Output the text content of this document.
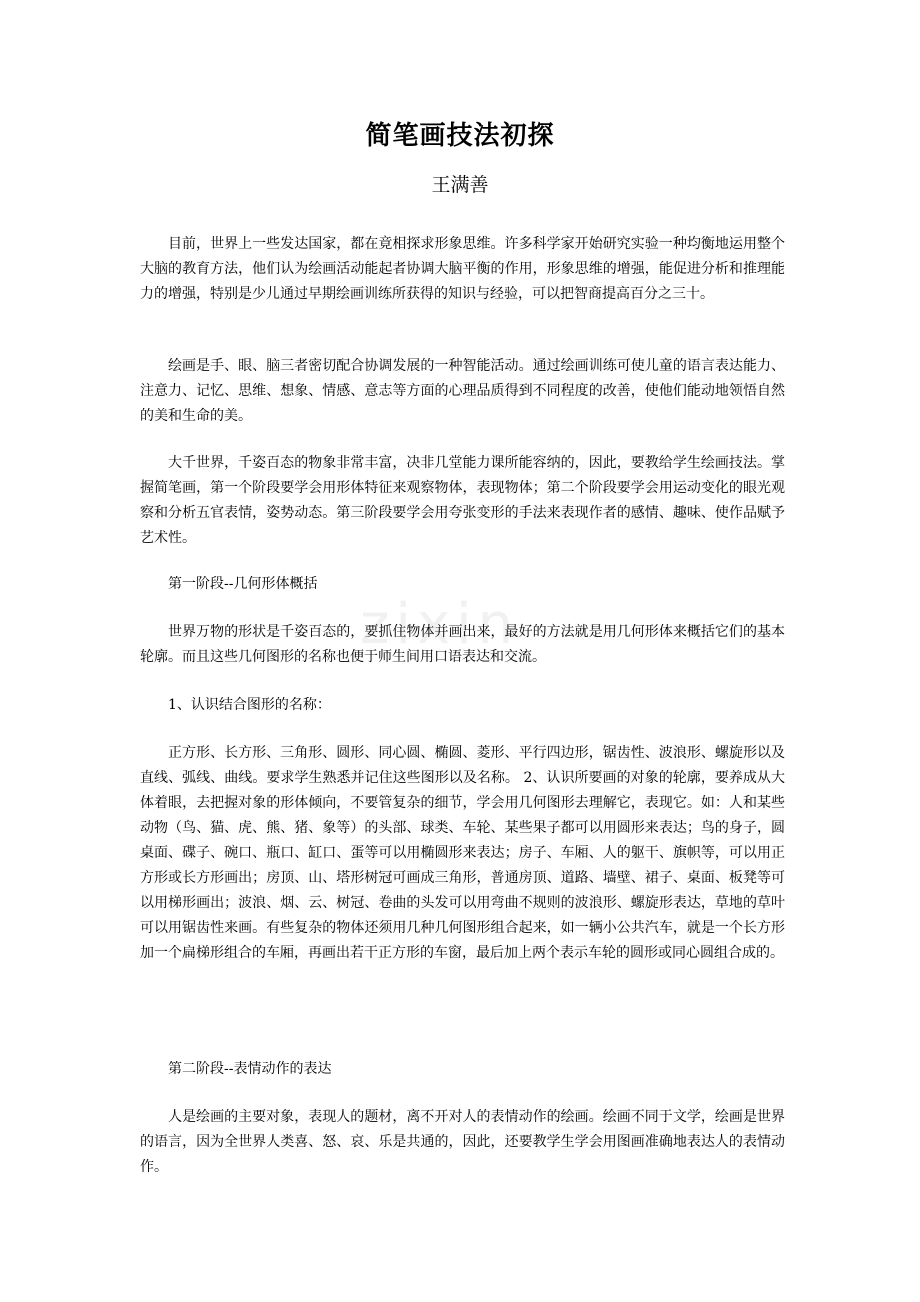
zixin
简笔画技法初探
王满善

目前，世界上一些发达国家，都在竟相探求形象思维。许多科学家开始研究实验一种均衡地运用整个大脑的教育方法，他们认为绘画活动能起者协调大脑平衡的作用，形象思维的增强，能促进分析和推理能力的增强，特别是少儿通过早期绘画训练所获得的知识与经验，可以把智商提高百分之三十。

绘画是手、眼、脑三者密切配合协调发展的一种智能活动。通过绘画训练可使儿童的语言表达能力、注意力、记忆、思维、想象、情感、意志等方面的心理品质得到不同程度的改善，使他们能动地领悟自然的美和生命的美。

大千世界，千姿百态的物象非常丰富，决非几堂能力课所能容纳的，因此，要教给学生绘画技法。掌握简笔画，第一个阶段要学会用形体特征来观察物体，表现物体；第二个阶段要学会用运动变化的眼光观察和分析五官表情，姿势动态。第三阶段要学会用夸张变形的手法来表现作者的感情、趣味、使作品赋予艺术性。

第一阶段--几何形体概括

世界万物的形状是千姿百态的，要抓住物体并画出来，最好的方法就是用几何形体来概括它们的基本轮廓。而且这些几何图形的名称也便于师生间用口语表达和交流。

1、认识结合图形的名称：

正方形、长方形、三角形、圆形、同心圆、椭圆、菱形、平行四边形，锯齿性、波浪形、螺旋形以及直线、弧线、曲线。要求学生熟悉并记住这些图形以及名称。 2、认识所要画的对象的轮廓，要养成从大体着眼，去把握对象的形体倾向，不要管复杂的细节，学会用几何图形去理解它，表现它。如：人和某些动物（鸟、猫、虎、熊、猪、象等）的头部、球类、车轮、某些果子都可以用圆形来表达；鸟的身子，圆桌面、碟子、碗口、瓶口、缸口、蛋等可以用椭圆形来表达；房子、车厢、人的躯干、旗帜等，可以用正方形或长方形画出；房顶、山、塔形树冠可画成三角形，普通房顶、道路、墙壁、裙子、桌面、板凳等可以用梯形画出；波浪、烟、云、树冠、卷曲的头发可以用弯曲不规则的波浪形、螺旋形表达，草地的草叶可以用锯齿性来画。有些复杂的物体还须用几种几何图形组合起来，如一辆小公共汽车，就是一个长方形加一个扁梯形组合的车厢，再画出若干正方形的车窗，最后加上两个表示车轮的圆形或同心圆组合成的。

第二阶段--表情动作的表达

人是绘画的主要对象，表现人的题材，离不开对人的表情动作的绘画。绘画不同于文学，绘画是世界的语言，因为全世界人类喜、怒、哀、乐是共通的，因此，还要教学生学会用图画准确地表达人的表情动作。
